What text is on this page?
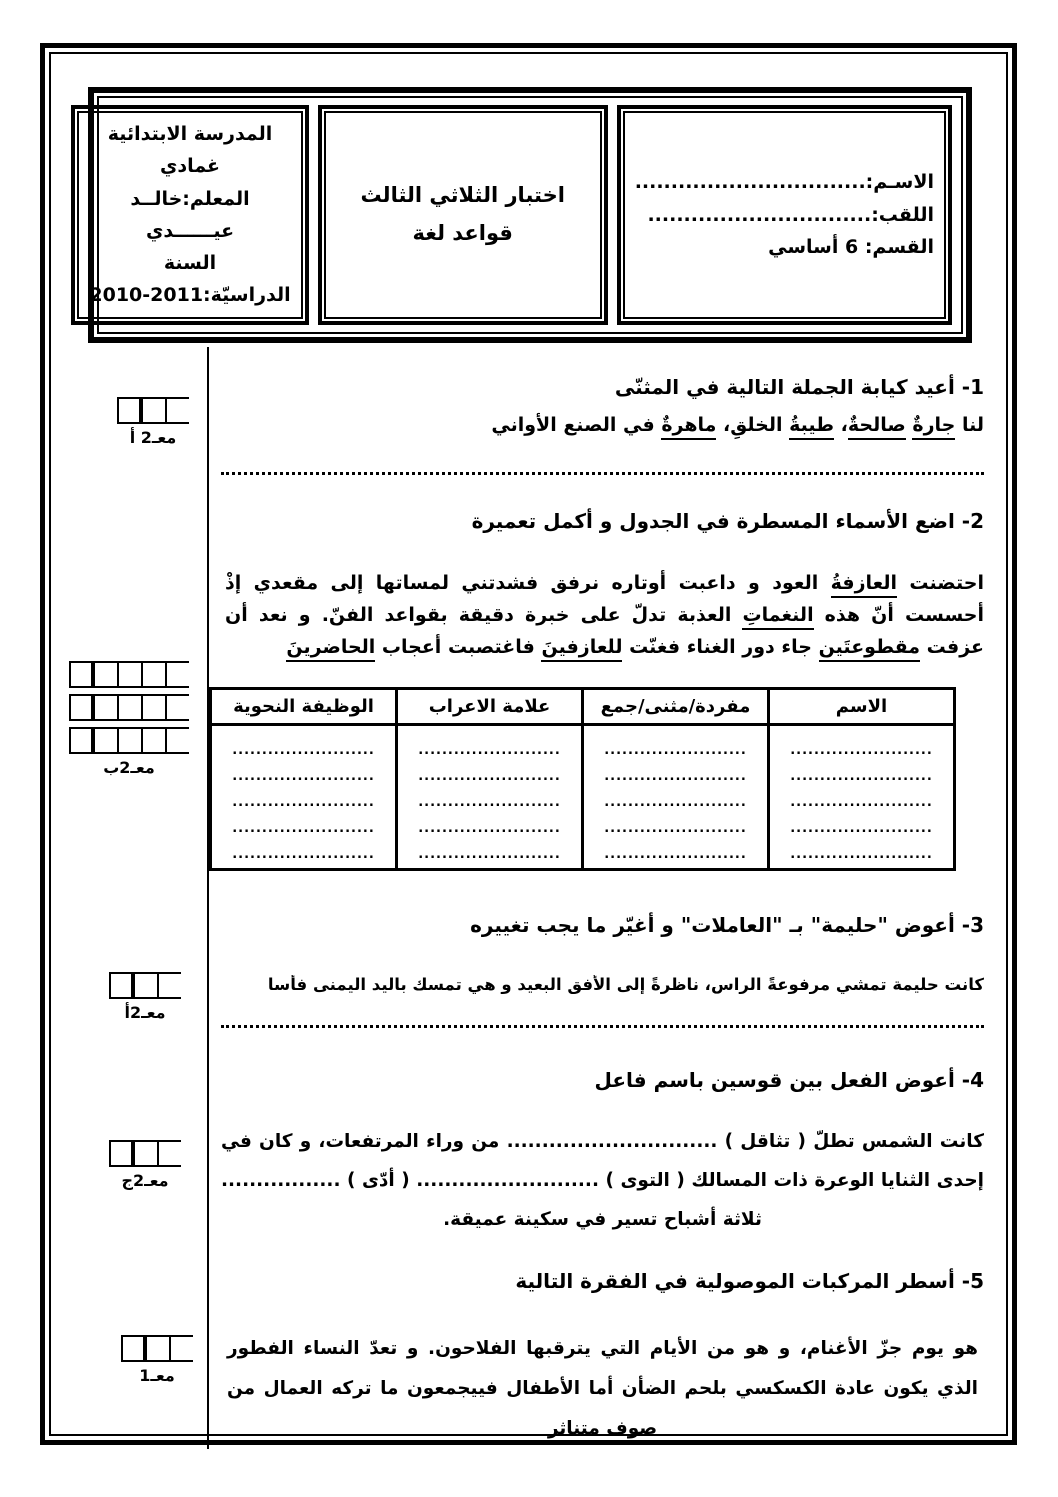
الاسـم:................................
اللقب:...............................
القسم: 6 أساسي
اختبار الثلاثي الثالث
قواعد لغة
المدرسة الابتدائية غمادي
المعلم:خالــد عيــــــدي
السنة الدراسيّة:2011-2010
معـ2 أ
معـ2ب
معـ2أ
معـ2ج
معـ1
1- أعيد كيابة الجملة التالية في المثنّى
لنا جارةٌ صالحةٌ، طيبةُ الخلقِ، ماهرةٌ في الصنع الأواني
2- اضع الأسماء المسطرة في الجدول و أكمل تعميرة
احتضنت العازفةُ العود و داعبت أوتاره نرفق فشدتني لمساتها إلى مقعدي إذْ أحسست أنّ هذه النغماتِ العذبة تدلّ على خبرة دقيقة بقواعد الفنّ. و نعد أن عزفت مقطوعتَين جاء دور الغناء فغنّت للعازفينَ فاغتصبت أعجاب الحاضرينَ
الاسم	مفردة/مثنى/جمع	علامة الاعراب	الوظيفة النحوية

........................
........................
........................
........................
........................

........................
........................
........................
........................
........................

........................
........................
........................
........................
........................

........................
........................
........................
........................
........................
3- أعوض "حليمة" بـ "العاملات" و أغيّر ما يجب تغييره
كانت حليمة تمشي مرفوعةً الراس، ناظرةً إلى الأفق البعيد و هي تمسك باليد اليمنى فأسا
4- أعوض الفعل بين قوسين باسم فاعل
كانت الشمس تطلّ ( تثاقل ) .............................. من وراء المرتفعات، و كان في إحدى الثنايا الوعرة ذات المسالك ( التوى ) .......................... ( أدّى ) ................. ثلاثة أشباح تسير في سكينة عميقة.
5- أسطر المركبات الموصولية في الفقرة التالية
هو يوم جزّ الأغنام، و هو من الأيام التي يترقبها الفلاحون. و تعدّ النساء الفطور الذي يكون عادة الكسكسي بلحم الضأن أما الأطفال فييجمعون ما تركه العمال من صوف متناثر
